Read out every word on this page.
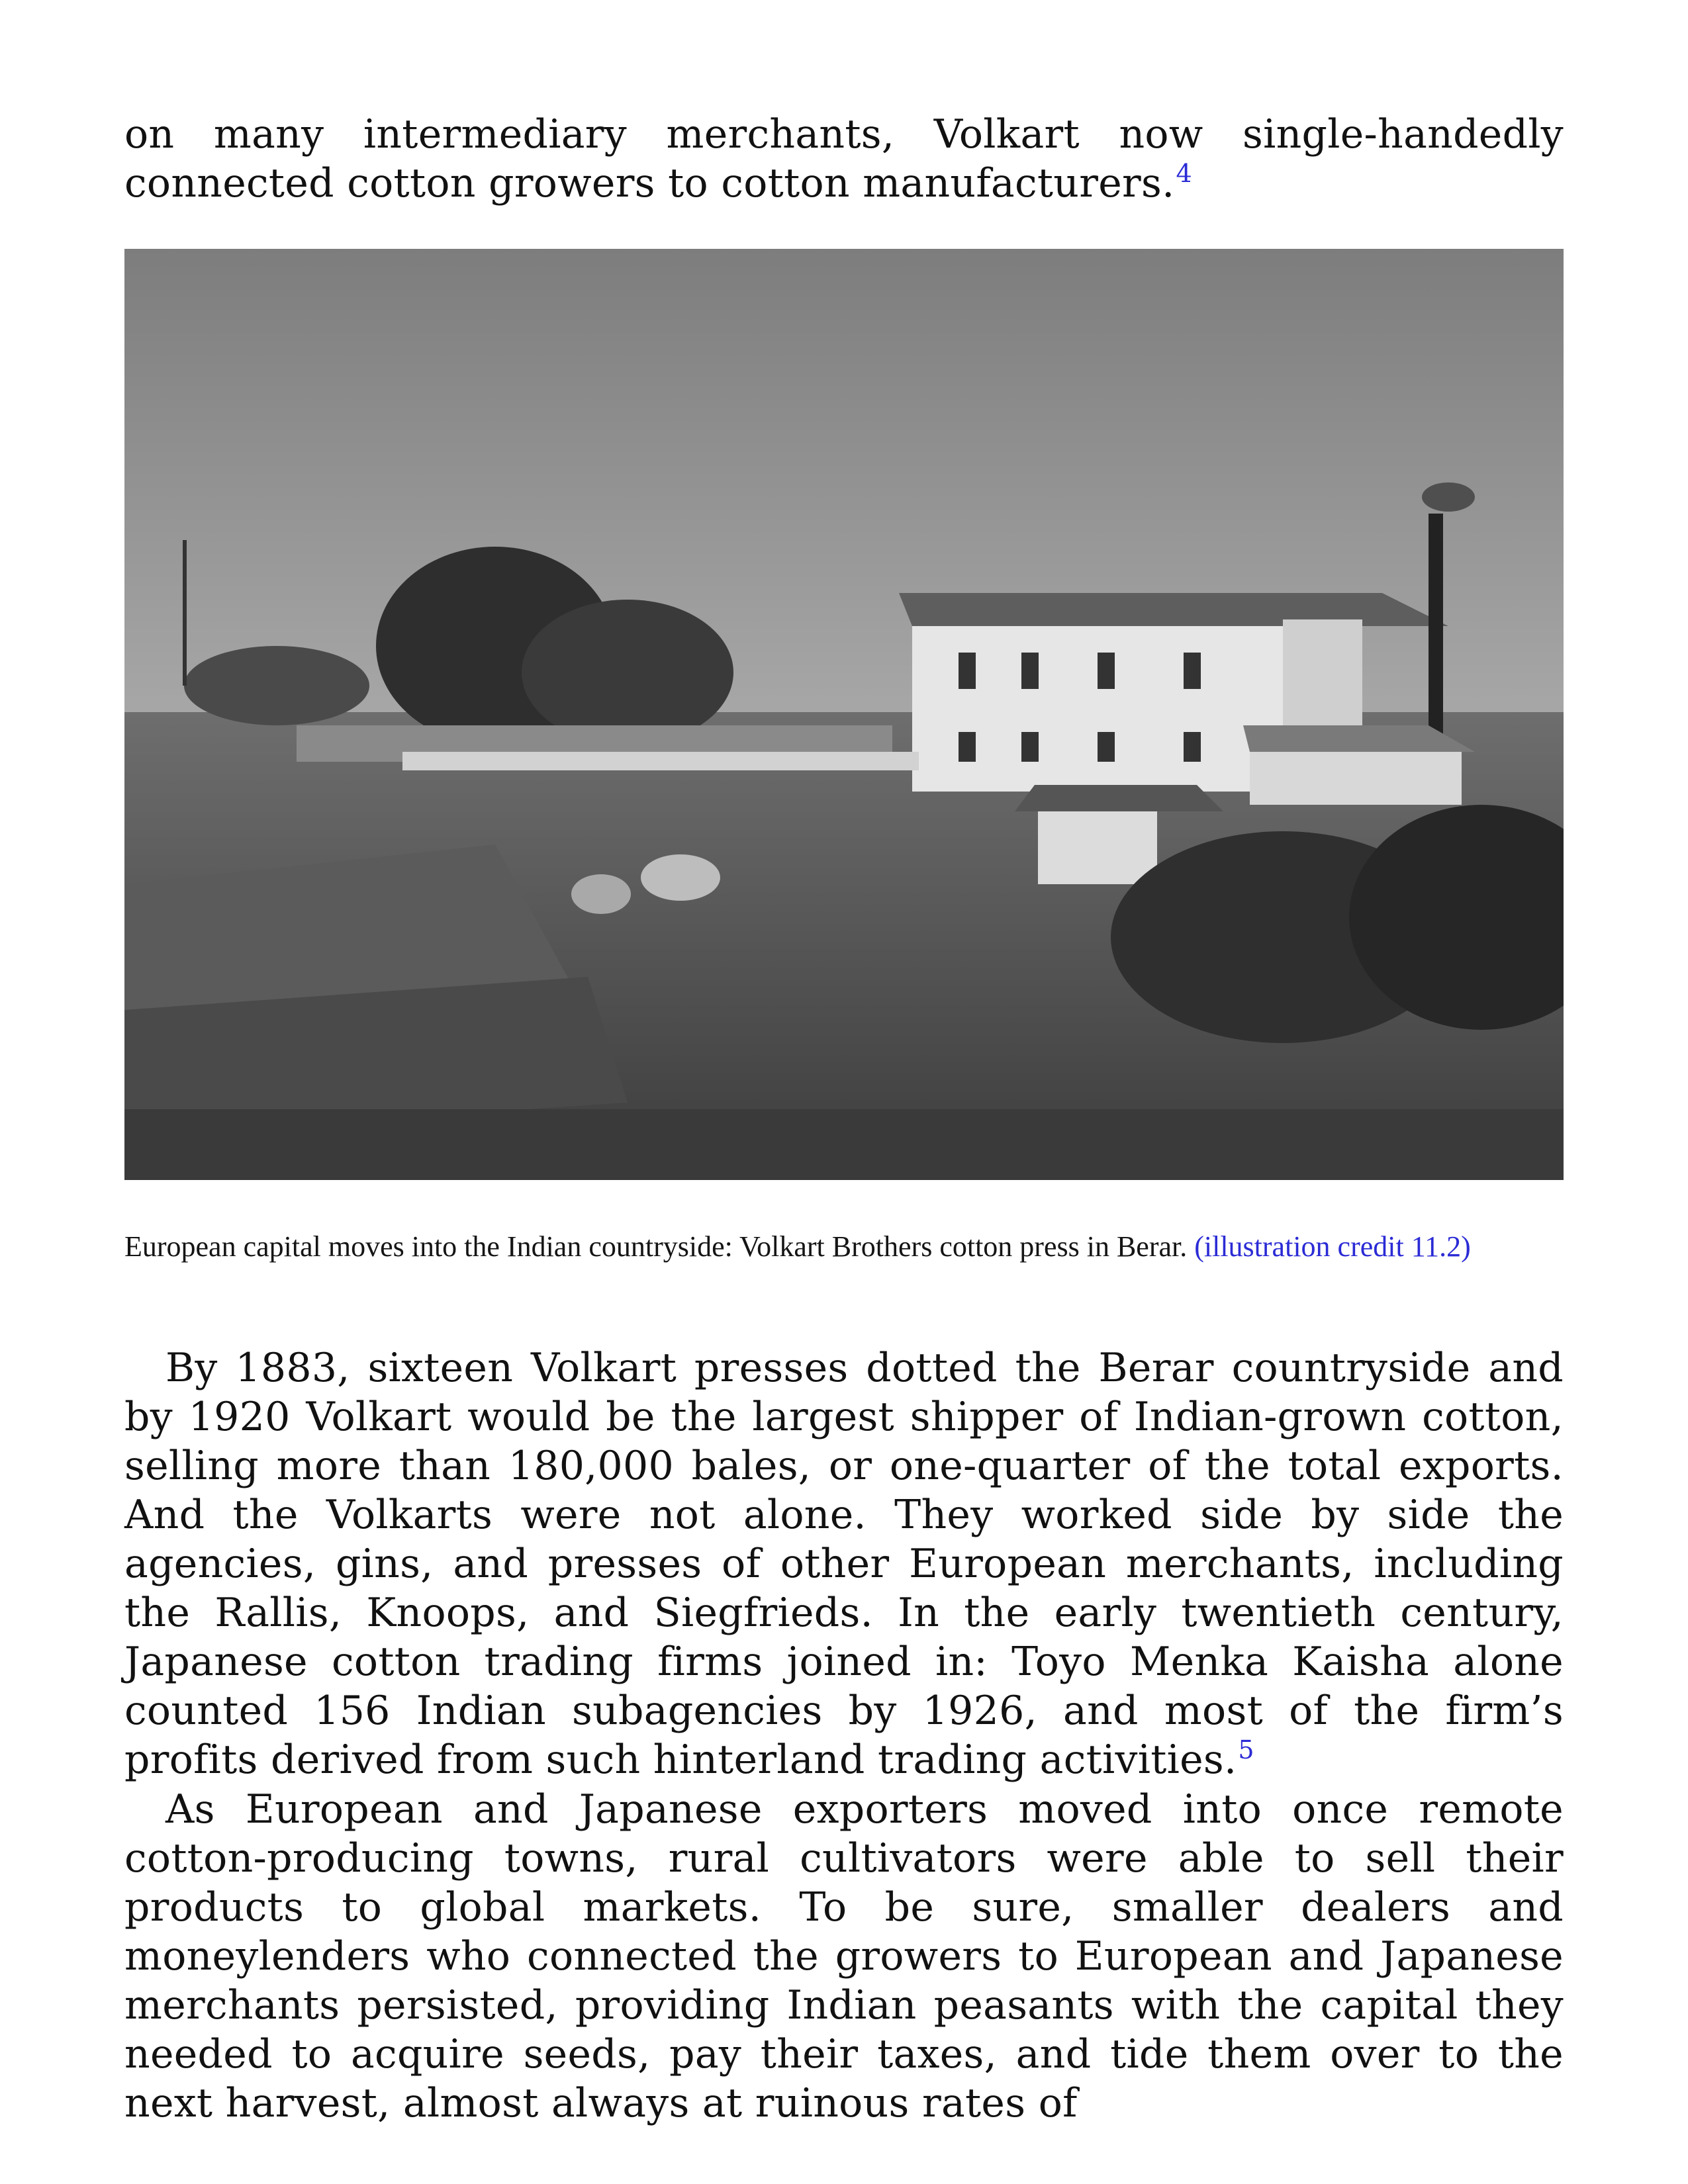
on many intermediary merchants, Volkart now single-handedly connected cotton growers to cotton manufacturers.$^4$

European capital moves into the Indian countryside: Volkart Brothers cotton press in Berar. (illustration credit 11.2)

By 1883, sixteen Volkart presses dotted the Berar countryside and by 1920 Volkart would be the largest shipper of Indian-grown cotton, selling more than 180,000 bales, or one-quarter of the total exports. And the Volkarts were not alone. They worked side by side the agencies, gins, and presses of other European merchants, including the Rallis, Knoops, and Siegfrieds. In the early twentieth century, Japanese cotton trading firms joined in: Toyo Menka Kaisha alone counted 156 Indian subagencies by 1926, and most of the firm’s profits derived from such hinterland trading activities.$^5$

As European and Japanese exporters moved into once remote cotton-producing towns, rural cultivators were able to sell their products to global markets. To be sure, smaller dealers and moneylenders who connected the growers to European and Japanese merchants persisted, providing Indian peasants with the capital they needed to acquire seeds, pay their taxes, and tide them over to the next harvest, almost always at ruinous rates of
